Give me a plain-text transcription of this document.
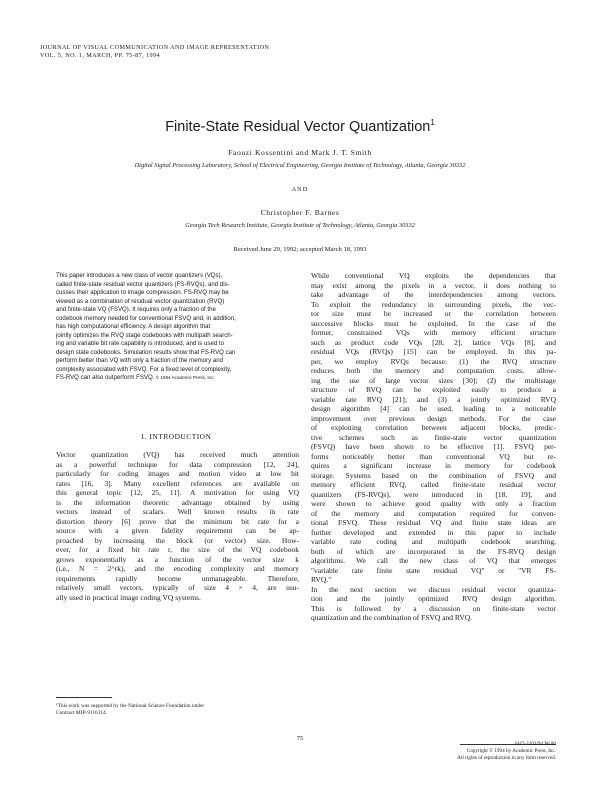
JOURNAL OF VISUAL COMMUNICATION AND IMAGE REPRESENTATION
VOL. 5, NO. 1, MARCH, PP. 75-87, 1994
Finite-State Residual Vector Quantization$^1$
Faouzi Kossentini and Mark J. T. Smith
Digital Signal Processing Laboratory, School of Electrical Engineering, Georgia Institute of Technology, Atlanta, Georgia 30332
AND
Christopher F. Barnes
Georgia Tech Research Institute, Georgia Institute of Technology, Atlanta, Georgia 30332
Received June 29, 1992; accepted March 18, 1993
This paper introduces a new class of vector quantizers (VQs),
called finite-state residual vector quantizers (FS-RVQs), and dis-
cusses their application to image compression. FS-RVQ may be
viewed as a combination of residual vector quantization (RVQ)
and finite-state VQ (FSVQ). It requires only a fraction of the
codebook memory needed for conventional FSVQ and, in addition,
has high computational efficiency. A design algorithm that
jointly optimizes the RVQ stage codebooks with multipath search-
ing and variable bit rate capability is introduced, and is used to
design state codebooks. Simulation results show that FS-RVQ can
perform better than VQ with only a fraction of the memory and
complexity associated with FSVQ. For a fixed level of complexity,
FS-RVQ can also outperform FSVQ. © 1994 Academic Press, Inc.
1. INTRODUCTION
Vector quantization (VQ) has received much attention
as a powerful technique for data compression [12, 24],
particularly for coding images and motion video at low bit
rates [16, 3]. Many excellent references are available on
this general topic [12, 25, 11]. A motivation for using VQ
is the information theoretic advantage obtained by using
vectors instead of scalars. Well known results in rate
distortion theory [6] prove that the minimum bit rate for a
source with a given fidelity requirement can be ap-
proached by increasing the block (or vector) size. How-
ever, for a fixed bit rate r, the size of the VQ codebook
grows exponentially as a function of the vector size k
(i.e., N = 2^rk), and the encoding complexity and memory
requirements rapidly become unmanageable. Therefore,
relatively small vectors, typically of size 4 × 4, are usu-
ally used in practical image coding VQ systems.
¹This work was supported by the National Science Foundation under
Contract MIP-9116114.
While conventional VQ exploits the dependencies that
may exist among the pixels in a vector, it does nothing to
take advantage of the interdependencies among vectors.
To exploit the redundancy in surrounding pixels, the vec-
tor size must be increased or the correlation between
successive blocks must be exploited. In the case of the
former, constrained VQs with memory efficient structure
such as product code VQs [28, 2], lattice VQs [8], and
residual VQs (RVQs) [15] can be employed. In this pa-
per, we employ RVQs because: (1) the RVQ structure
reduces both the memory and computation costs, allow-
ing the use of large vector sizes [30]; (2) the multistage
structure of RVQ can be exploited easily to produce a
variable rate RVQ [21]; and (3) a jointly optimized RVQ
design algorithm [4] can be used, leading to a noticeable
improvement over previous design methods. For the case
of exploiting correlation between adjacent blocks, predic-
tive schemes such as finite-state vector quantization
(FSVQ) have been shown to be effective [1]. FSVQ per-
forms noticeably better than conventional VQ but re-
quires a significant increase in memory for codebook
storage. Systems based on the combination of FSVQ and
memory efficient RVQ, called finite-state residual vector
quantizers (FS-RVQs), were introduced in [18, 19], and
were shown to achieve good quality with only a fraction
of the memory and computation required for conven-
tional FSVQ. These residual VQ and finite state ideas are
further developed and extended in this paper to include
variable rate coding and multipath codebook searching,
both of which are incorporated in the FS-RVQ design
algorithms. We call the new class of VQ that emerges
"variable rate finite state residual VQ" or "VR FS-
RVQ."
In the next section we discuss residual vector quantiza-
tion and the jointly optimized RVQ design algorithm.
This is followed by a discussion on finite-state vector
quantization and the combination of FSVQ and RVQ.
75
1047-3203/94 $6.00
Copyright © 1994 by Academic Press, Inc.
All rights of reproduction in any form reserved.
